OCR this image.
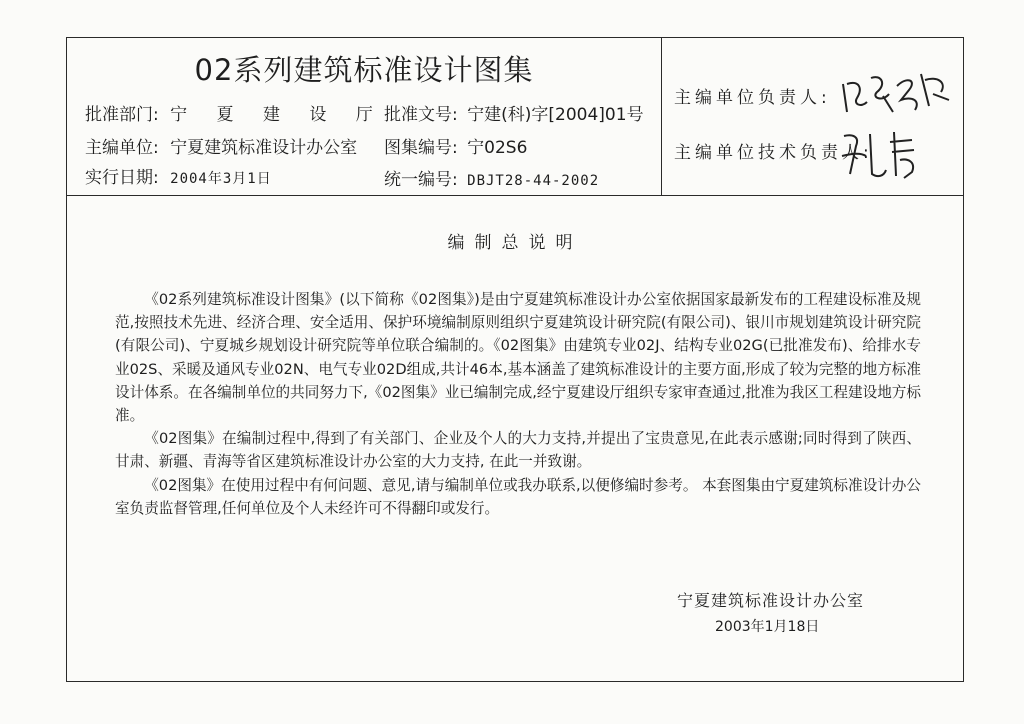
02系列建筑标准设计图集
批准部门: 宁 夏 建 设 厅 批准文号: 宁建(科)字[2004]01号
主编单位: 宁夏建筑标准设计办公室 图集编号: 宁02S6
实行日期: 2004年3月1日	统一编号: DBJT28-44-2002
主编单位负责人:
主编单位技术负责人:
编制总说明

《02系列建筑标准设计图集》(以下简称《02图集》)是由宁夏建筑标准设计办公室依据国家最新发布的工程建设标准及规范,按照技术先进、经济合理、安全适用、保护环境编制原则组织宁夏建筑设计研究院(有限公司)、银川市规划建筑设计研究院(有限公司)、宁夏城乡规划设计研究院等单位联合编制的。《02图集》由建筑专业02J、结构专业02G(已批准发布)、给排水专业02S、采暖及通风专业02N、电气专业02D组成,共计46本,基本涵盖了建筑标准设计的主要方面,形成了较为完整的地方标准设计体系。在各编制单位的共同努力下,《02图集》业已编制完成,经宁夏建设厅组织专家审查通过,批准为我区工程建设地方标准。

《02图集》在编制过程中,得到了有关部门、企业及个人的大力支持,并提出了宝贵意见,在此表示感谢;同时得到了陕西、甘肃、新疆、青海等省区建筑标准设计办公室的大力支持, 在此一并致谢。

《02图集》在使用过程中有何问题、意见,请与编制单位或我办联系,以便修编时参考。 本套图集由宁夏建筑标准设计办公室负责监督管理,任何单位及个人未经许可不得翻印或发行。

宁夏建筑标准设计办公室
2003年1月18日
